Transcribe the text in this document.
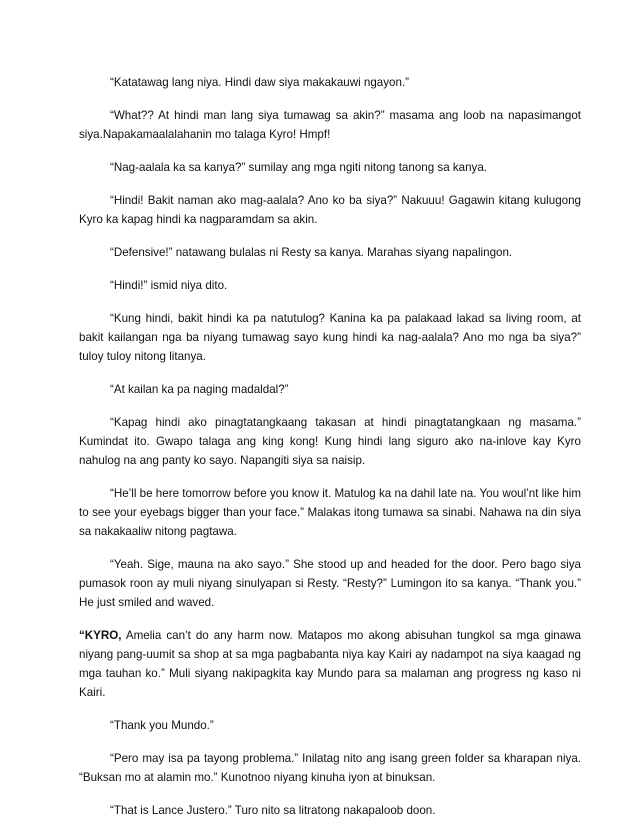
“Katatawag lang niya. Hindi daw siya makakauwi ngayon.”

“What?? At hindi man lang siya tumawag sa akin?” masama ang loob na napasimangot siya.Napakamaalalahanin mo talaga Kyro! Hmpf!

“Nag-aalala ka sa kanya?” sumilay ang mga ngiti nitong tanong sa kanya.

“Hindi! Bakit naman ako mag-aalala? Ano ko ba siya?” Nakuuu! Gagawin kitang kulugong Kyro ka kapag hindi ka nagparamdam sa akin.

“Defensive!” natawang bulalas ni Resty sa kanya. Marahas siyang napalingon.

“Hindi!” ismid niya dito.

“Kung hindi, bakit hindi ka pa natutulog? Kanina ka pa palakaad lakad sa living room, at bakit kailangan nga ba niyang tumawag sayo kung hindi ka nag-aalala? Ano mo nga ba siya?” tuloy tuloy nitong litanya.

“At kailan ka pa naging madaldal?”

“Kapag hindi ako pinagtatangkaang takasan at hindi pinagtatangkaan ng masama.” Kumindat ito. Gwapo talaga ang king kong! Kung hindi lang siguro ako na-inlove kay Kyro nahulog na ang panty ko sayo. Napangiti siya sa naisip.

“He’ll be here tomorrow before you know it. Matulog ka na dahil late na. You woul’nt like him to see your eyebags bigger than your face.” Malakas itong tumawa sa sinabi. Nahawa na din siya sa nakakaaliw nitong pagtawa.

“Yeah. Sige, mauna na ako sayo.” She stood up and headed for the door. Pero bago siya pumasok roon ay muli niyang sinulyapan si Resty. “Resty?” Lumingon ito sa kanya. “Thank you.” He just smiled and waved.

“KYRO, Amelia can’t do any harm now. Matapos mo akong abisuhan tungkol sa mga ginawa niyang pang-uumit sa shop at sa mga pagbabanta niya kay Kairi ay nadampot na siya kaagad ng mga tauhan ko.” Muli siyang nakipagkita kay Mundo para sa malaman ang progress ng kaso ni Kairi.

“Thank you Mundo.”

“Pero may isa pa tayong problema.” Inilatag nito ang isang green folder sa kharapan niya. “Buksan mo at alamin mo.” Kunotnoo niyang kinuha iyon at binuksan.

“That is Lance Justero.” Turo nito sa litratong nakapaloob doon.
